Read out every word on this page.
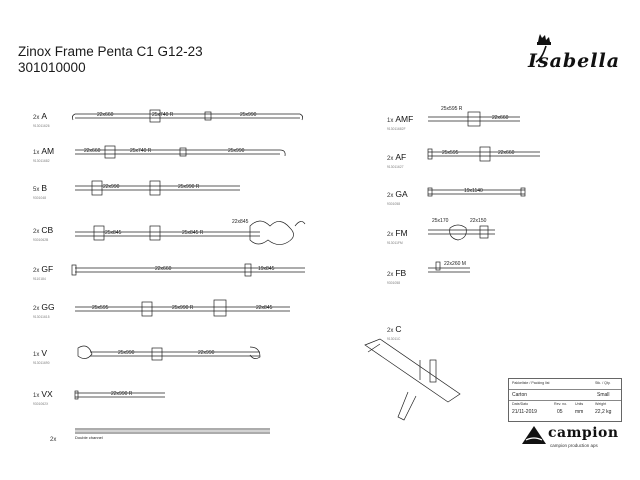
Zinox Frame Penta C1 G12-23
301010000	Isabella
2x A
913011626
1x AM
913011682
5x B
9301048
2x CB
9301062B
2x GF
9110184
2x GG
913011615
1x V
913011690
1x VX
9301062X
2x
1x AMF
913011682F
2x AF
913011627
2x GA
9301058
2x FM
913011FM
2x FB
9301058
2x C
913011C
22x660	25x740 R	25x990
22x660	25x740 R	25x990
22x990	25x990 R
25x845	25x845 R
22x845
22x660	19x845
25x595	25x990 R	22x845
25x990	22x990
22x990 R
Double channel
25x595 R
22x660
25x595	22x660
19x1140
25x170	22x150
22x260 M
Pakkeliste / Packing list	Stk. / Qty.
Carton	Small
Date/Dato	Rev. no. Units	Weight
21/11-2019	05 mm 22,2 kg
campion
campion production aps
